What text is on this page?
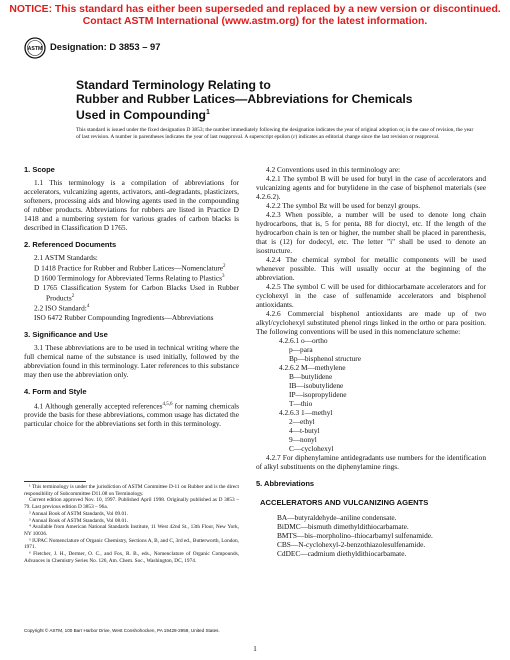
NOTICE: This standard has either been superseded and replaced by a new version or discontinued.
Contact ASTM International (www.astm.org) for the latest information.
ASTM Designation: D 3853 – 97
Standard Terminology Relating to
Rubber and Rubber Latices—Abbreviations for Chemicals
Used in Compounding$^1$
This standard is issued under the fixed designation D 3853; the number immediately following the designation indicates the year of original adoption or, in the case of revision, the year of last revision. A number in parentheses indicates the year of last reapproval. A superscript epsilon (ε) indicates an editorial change since the last revision or reapproval.
1. Scope

1.1 This terminology is a compilation of abbreviations for accelerators, vulcanizing agents, activators, anti-degradants, plasticizers, softeners, processing aids and blowing agents used in the compounding of rubber products. Abbreviations for rubbers are listed in Practice D 1418 and a numbering system for various grades of carbon blacks is described in Classification D 1765.

2. Referenced Documents

2.1 ASTM Standards:

D 1418 Practice for Rubber and Rubber Latices—Nomenclature$^2$

D 1600 Terminology for Abbreviated Terms Relating to Plastics$^3$

D 1765 Classification System for Carbon Blacks Used in Rubber Products$^2$

2.2 ISO Standard:$^4$

ISO 6472 Rubber Compounding Ingredients—Abbreviations

3. Significance and Use

3.1 These abbreviations are to be used in technical writing where the full chemical name of the substance is used initially, followed by the abbreviation found in this terminology. Later references to this substance may then use the abbreviation only.

4. Form and Style

4.1 Although generally accepted references$^{4,5,6}$ for naming chemicals provide the basis for these abbreviations, common usage has dictated the particular choice for the abbreviations set forth in this terminology.

¹ This terminology is under the jurisdiction of ASTM Committee D-11 on Rubber and is the direct responsibility of Subcommittee D11.08 on Terminology.

Current edition approved Nov. 10, 1997. Published April 1998. Originally published as D 3853 – 79. Last previous edition D 3853 – 96a.

² Annual Book of ASTM Standards, Vol 09.01.

³ Annual Book of ASTM Standards, Vol 08.01.

⁴ Available from American National Standards Institute, 11 West 42nd St., 13th Floor, New York, NY 10036.

⁵ IUPAC Nomenclature of Organic Chemistry, Sections A, B, and C, 3rd ed., Butterworth, London, 1971.

⁶ Fletcher, J. H., Dermer, O. C., and Fox, R. B., eds., Nomenclature of Organic Compounds, Advances in Chemistry Series No. 126, Am. Chem. Soc., Washington, DC, 1974.

4.2 Conventions used in this terminology are:

4.2.1 The symbol B will be used for butyl in the case of accelerators and vulcanizing agents and for butylidene in the case of bisphenol materials (see 4.2.6.2).

4.2.2 The symbol Bz will be used for benzyl groups.

4.2.3 When possible, a number will be used to denote long chain hydrocarbons, that is, 5 for penta, 88 for dioctyl, etc. If the length of the hydrocarbon chain is ten or higher, the number shall be placed in parenthesis, that is (12) for dodecyl, etc. The letter "i" shall be used to denote an isostructure.

4.2.4 The chemical symbol for metallic components will be used whenever possible. This will usually occur at the beginning of the abbreviation.

4.2.5 The symbol C will be used for dithiocarbamate accelerators and for cyclohexyl in the case of sulfenamide accelerators and bisphenol antioxidants.

4.2.6 Commercial bisphenol antioxidants are made up of two alkyl/cyclohexyl substituted phenol rings linked in the ortho or para position. The following conventions will be used in this nomenclature scheme:

4.2.6.1 o—ortho

p—para

Bp—bisphenol structure

4.2.6.2 M—methylene

B—butylidene

IB—isobutylidene

IP—isopropylidene

T—thio

4.2.6.3 1—methyl

2—ethyl

4—t-butyl

9—nonyl

C—cyclohexyl

4.2.7 For diphenylamine antidegradants use numbers for the identification of alkyl substituents on the diphenylamine rings.

5. Abbreviations
ACCELERATORS AND VULCANIZING AGENTS

BA—butyraldehyde–aniline condensate.

BiDMC—bismuth dimethyldithiocarbamate.

BMTS—bis–morpholino–thiocarbamyl sulfenamide.

CBS—N-cyclohexyl-2-benzothiazolesulfenamide.

CdDEC—cadmium diethyldithiocarbamate.

Copyright © ASTM, 100 Barr Harbor Drive, West Conshohocken, PA 19428-2959, United States.
1
